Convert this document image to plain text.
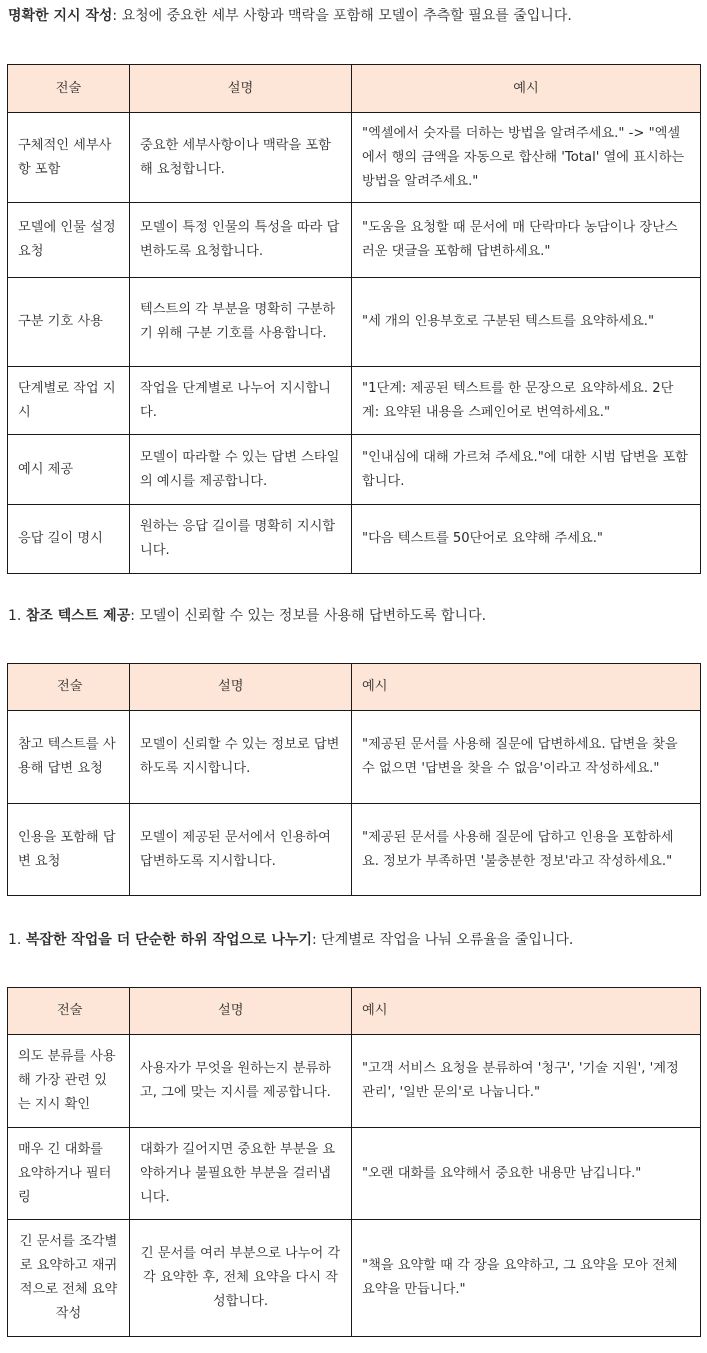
명확한 지시 작성: 요청에 중요한 세부 사항과 맥락을 포함해 모델이 추측할 필요를 줄입니다.
전술	설명	예시
구체적인 세부사항 포함	중요한 세부사항이나 맥락을 포함해 요청합니다.	"엑셀에서 숫자를 더하는 방법을 알려주세요." -> "엑셀에서 행의 금액을 자동으로 합산해 'Total' 열에 표시하는 방법을 알려주세요."
모델에 인물 설정 요청	모델이 특정 인물의 특성을 따라 답변하도록 요청합니다.	"도움을 요청할 때 문서에 매 단락마다 농담이나 장난스러운 댓글을 포함해 답변하세요."
구분 기호 사용	텍스트의 각 부분을 명확히 구분하기 위해 구분 기호를 사용합니다.	"세 개의 인용부호로 구분된 텍스트를 요약하세요."
단계별로 작업 지시	작업을 단계별로 나누어 지시합니다.	"1단계: 제공된 텍스트를 한 문장으로 요약하세요. 2단계: 요약된 내용을 스페인어로 번역하세요."
예시 제공	모델이 따라할 수 있는 답변 스타일의 예시를 제공합니다.	"인내심에 대해 가르쳐 주세요."에 대한 시범 답변을 포함합니다.
응답 길이 명시	원하는 응답 길이를 명확히 지시합니다.	"다음 텍스트를 50단어로 요약해 주세요."
1. 참조 텍스트 제공: 모델이 신뢰할 수 있는 정보를 사용해 답변하도록 합니다.
전술	설명	예시
참고 텍스트를 사용해 답변 요청	모델이 신뢰할 수 있는 정보로 답변하도록 지시합니다.	"제공된 문서를 사용해 질문에 답변하세요. 답변을 찾을 수 없으면 '답변을 찾을 수 없음'이라고 작성하세요."
인용을 포함해 답변 요청	모델이 제공된 문서에서 인용하여 답변하도록 지시합니다.	"제공된 문서를 사용해 질문에 답하고 인용을 포함하세요. 정보가 부족하면 '불충분한 정보'라고 작성하세요."
1. 복잡한 작업을 더 단순한 하위 작업으로 나누기: 단계별로 작업을 나눠 오류율을 줄입니다.
전술	설명	예시
의도 분류를 사용해 가장 관련 있는 지시 확인	사용자가 무엇을 원하는지 분류하고, 그에 맞는 지시를 제공합니다.	"고객 서비스 요청을 분류하여 '청구', '기술 지원', '계정 관리', '일반 문의'로 나눕니다."
매우 긴 대화를 요약하거나 필터링	대화가 길어지면 중요한 부분을 요약하거나 불필요한 부분을 걸러냅니다.	"오랜 대화를 요약해서 중요한 내용만 남깁니다."
긴 문서를 조각별로 요약하고 재귀적으로 전체 요약 작성	긴 문서를 여러 부분으로 나누어 각각 요약한 후, 전체 요약을 다시 작성합니다.	"책을 요약할 때 각 장을 요약하고, 그 요약을 모아 전체 요약을 만듭니다."
